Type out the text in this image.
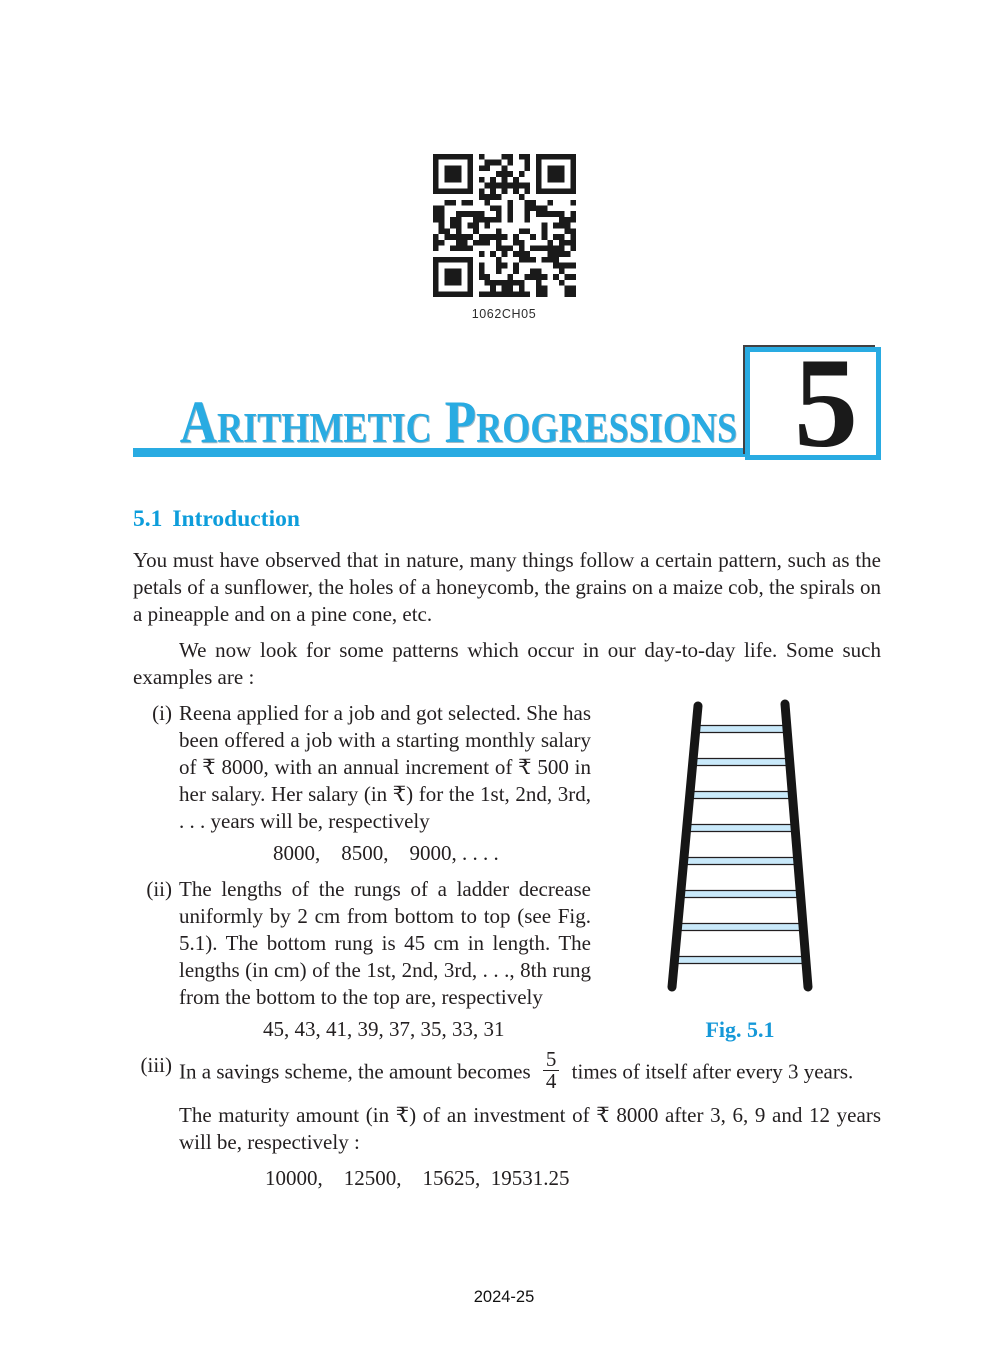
1062CH05
Arithmetic Progressions 5
5.1 Introduction

You must have observed that in nature, many things follow a certain pattern, such as the petals of a sunflower, the holes of a honeycomb, the grains on a maize cob, the spirals on a pineapple and on a pine cone, etc.

We now look for some patterns which occur in our day-to-day life. Some such examples are :

(i) Reena applied for a job and got selected. She has been offered a job with a starting monthly salary of ₹ 8000, with an annual increment of ₹ 500 in her salary. Her salary (in ₹) for the 1st, 2nd, 3rd, . . . years will be, respectively
8000,    8500,    9000, . . . .
(ii) The lengths of the rungs of a ladder decrease uniformly by 2 cm from bottom to top (see Fig. 5.1). The bottom rung is 45 cm in length. The lengths (in cm) of the 1st, 2nd, 3rd, . . ., 8th rung from the bottom to the top are, respectively
45, 43, 41, 39, 37, 35, 33, 31
(iii) In a savings scheme, the amount becomes $\frac{5}{4}$ times of itself after every 3 years.

The maturity amount (in ₹) of an investment of ₹ 8000 after 3, 6, 9 and 12 years will be, respectively :

10000,    12500,    15625,  19531.25
Fig. 5.1
2024-25
